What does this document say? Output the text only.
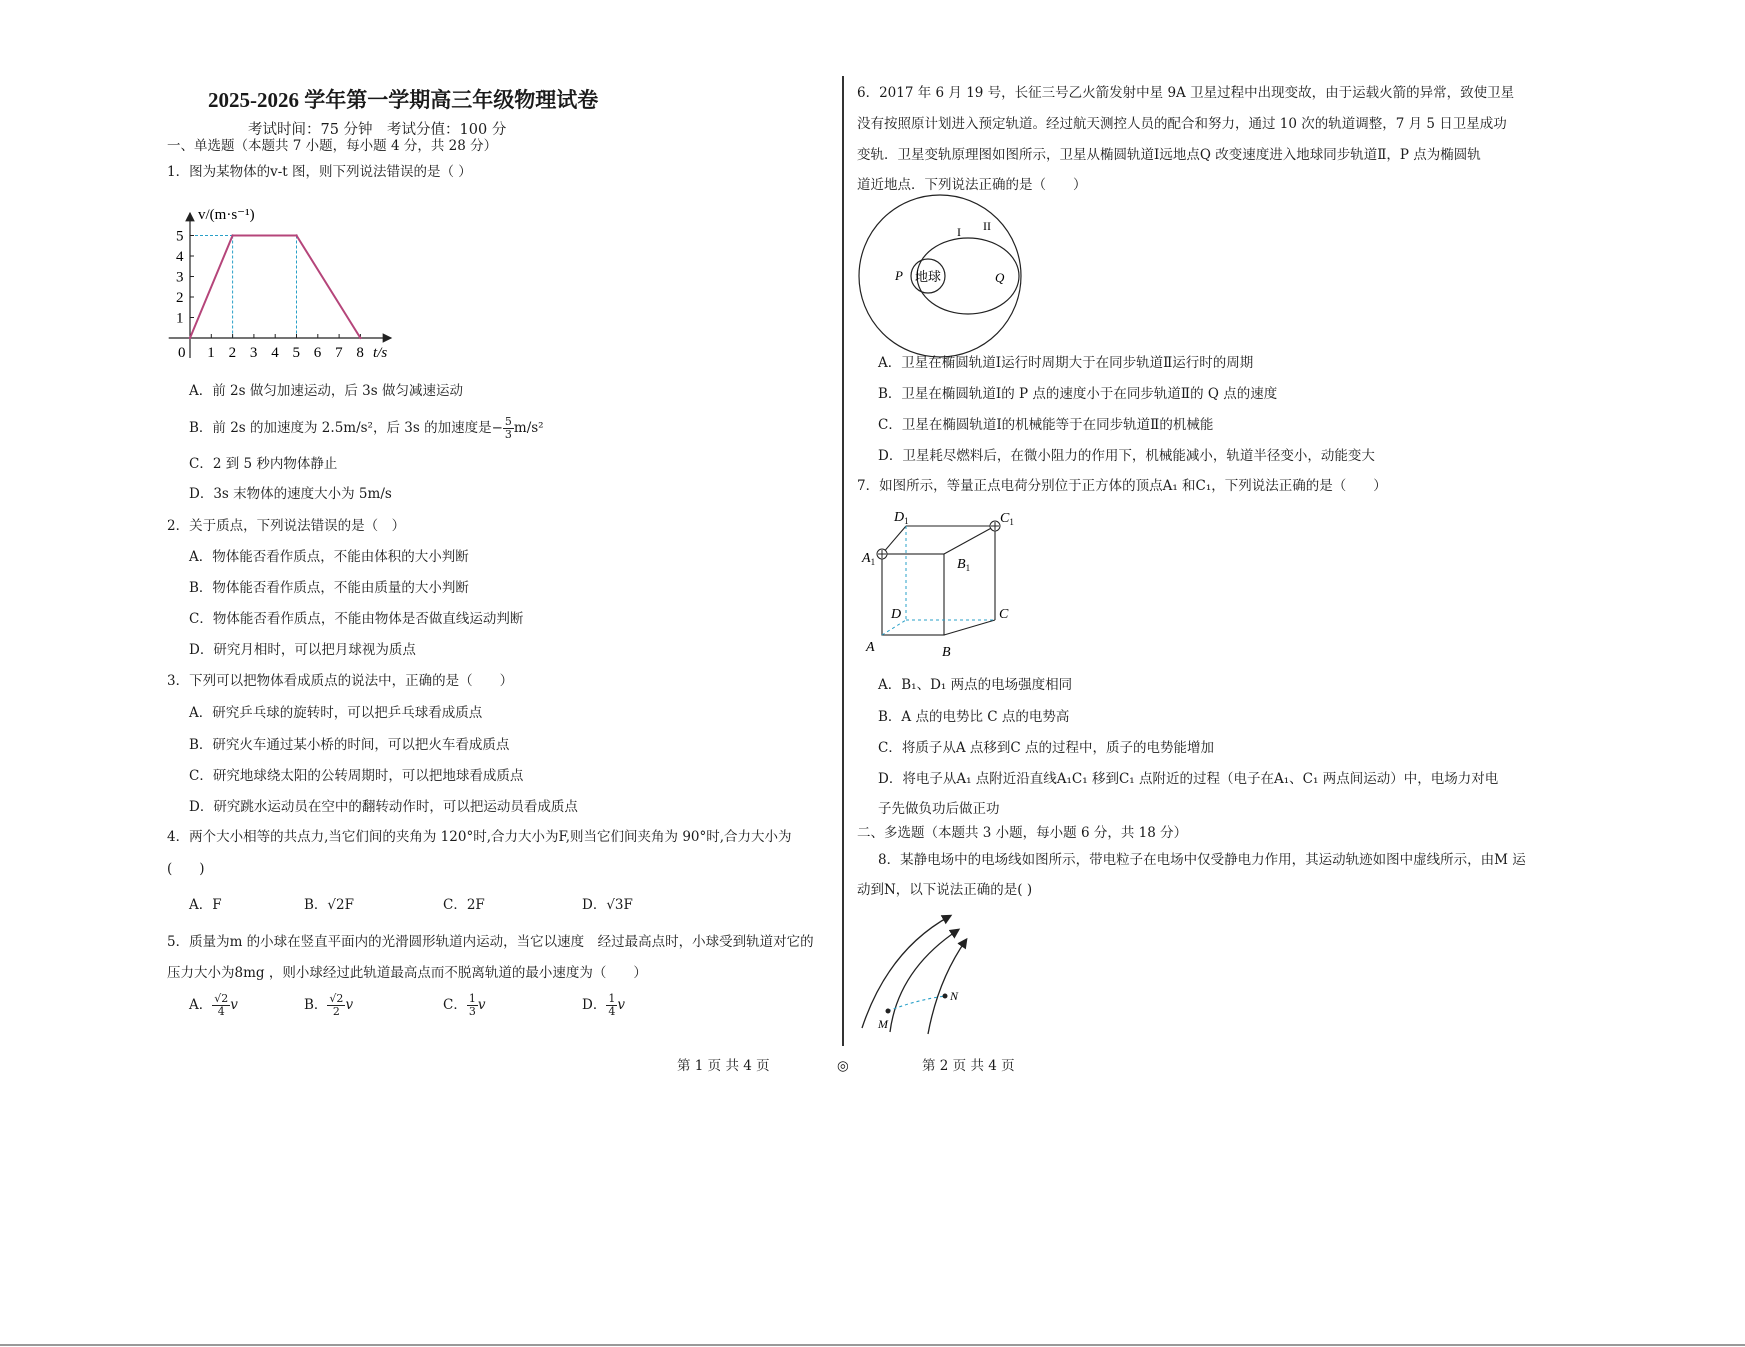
2025-2026 学年第一学期高三年级物理试卷
考试时间：75 分钟　考试分值：100 分
一、单选题（本题共 7 小题，每小题 4 分，共 28 分）
1．图为某物体的v-t 图，则下列说法错误的是（ ）
0 1 2 3 4 5 6 7 8
1
2
3
4
5
t/s
v/(m·s⁻¹)
A．前 2s 做匀加速运动，后 3s 做匀减速运动
B．前 2s 的加速度为 2.5m/s²，后 3s 的加速度是− $\frac{5}{3} m/s^2$
C．2 到 5 秒内物体静止
D．3s 末物体的速度大小为 5m/s
2．关于质点，下列说法错误的是（　）
A．物体能否看作质点，不能由体积的大小判断
B．物体能否看作质点，不能由质量的大小判断
C．物体能否看作质点，不能由物体是否做直线运动判断
D．研究月相时，可以把月球视为质点
3．下列可以把物体看成质点的说法中，正确的是（　　）
A．研究乒乓球的旋转时，可以把乒乓球看成质点
B．研究火车通过某小桥的时间，可以把火车看成质点
C．研究地球绕太阳的公转周期时，可以把地球看成质点
D．研究跳水运动员在空中的翻转动作时，可以把运动员看成质点
4．两个大小相等的共点力,当它们间的夹角为 120°时,合力大小为F,则当它们间夹角为 90°时,合力大小为
(　　)
A．F	B．√2F	C．2F	D．√3F
5．质量为m 的小球在竖直平面内的光滑圆形轨道内运动，当它以速度　经过最高点时，小球受到轨道对它的
压力大小为8mg ，则小球经过此轨道最高点而不脱离轨道的最小速度为（　　）
A． $\frac{√2}{4}$ v	B． $\frac{√2}{2}$ v	C． $\frac{1}{3}$ v	D． $\frac{1}{4}$ v
6．2017 年 6 月 19 号，长征三号乙火箭发射中星 9A 卫星过程中出现变故，由于运载火箭的异常，致使卫星
没有按照原计划进入预定轨道。经过航天测控人员的配合和努力，通过 10 次的轨道调整，7 月 5 日卫星成功
变轨．卫星变轨原理图如图所示，卫星从椭圆轨道Ⅰ远地点Q 改变速度进入地球同步轨道Ⅱ，P 点为椭圆轨
道近地点．下列说法正确的是（　　）
地球
P	Q
I II
A．卫星在椭圆轨道Ⅰ运行时周期大于在同步轨道Ⅱ运行时的周期
B．卫星在椭圆轨道Ⅰ的 P 点的速度小于在同步轨道Ⅱ的 Q 点的速度
C．卫星在椭圆轨道Ⅰ的机械能等于在同步轨道Ⅱ的机械能
D．卫星耗尽燃料后，在微小阻力的作用下，机械能减小，轨道半径变小，动能变大
7．如图所示，等量正点电荷分别位于正方体的顶点A₁ 和C₁，下列说法正确的是（　　）
$D_1$	$C_1$
$A_1$	$B_1$
D	C
A	B
A．B₁、D₁ 两点的电场强度相同
B．A 点的电势比 C 点的电势高
C．将质子从A 点移到C 点的过程中，质子的电势能增加
D．将电子从A₁ 点附近沿直线A₁C₁ 移到C₁ 点附近的过程（电子在A₁、C₁ 两点间运动）中，电场力对电
子先做负功后做正功
二、多选题（本题共 3 小题，每小题 6 分，共 18 分）
8．某静电场中的电场线如图所示，带电粒子在电场中仅受静电力作用，其运动轨迹如图中虚线所示，由M 运
动到N，以下说法正确的是( )
M
N
第 1 页 共 4 页	◎	第 2 页 共 4 页
